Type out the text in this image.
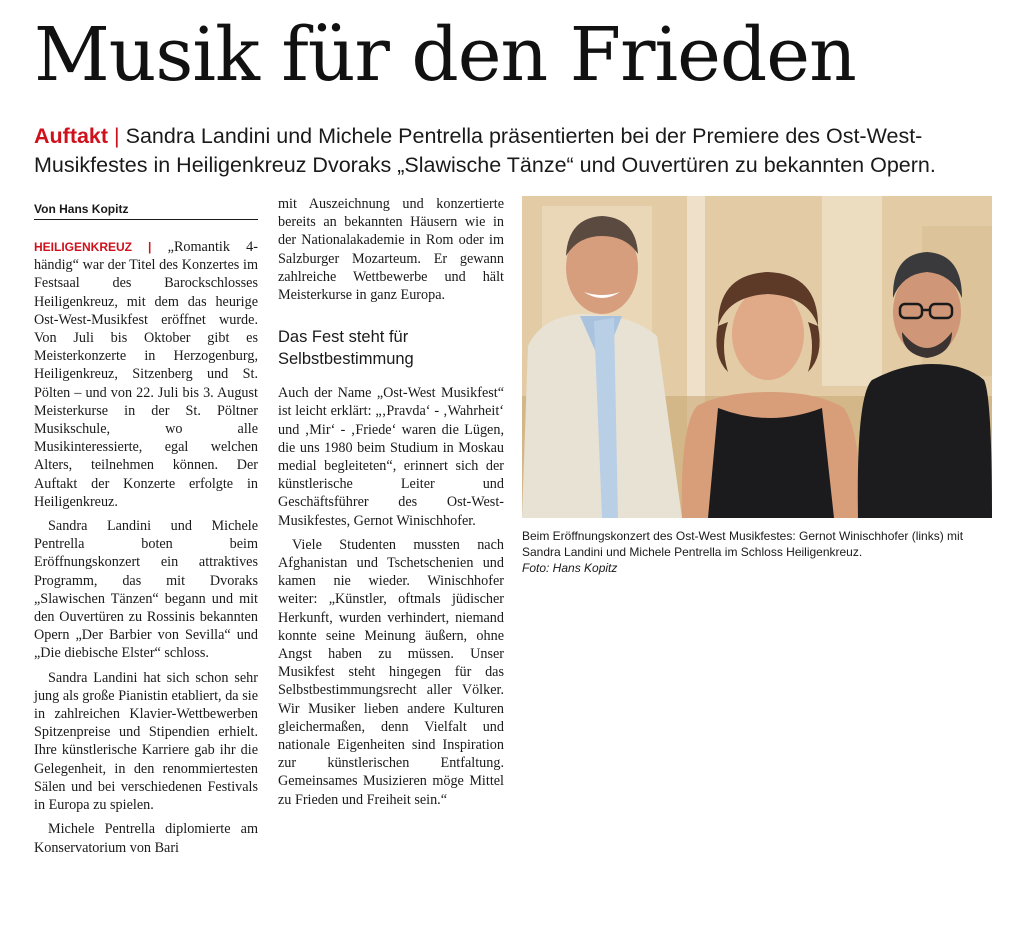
Musik für den Frieden

Auftakt | Sandra Landini und Michele Pentrella präsentierten bei der Premiere des Ost-West-Musikfestes in Heiligenkreuz Dvoraks „Slawische Tänze“ und Ouvertüren zu bekannten Opern.

Von Hans Kopitz

HEILIGENKREUZ | „Romantik 4-händig“ war der Titel des Konzertes im Festsaal des Barockschlosses Heiligenkreuz, mit dem das heurige Ost-West-Musikfest eröffnet wurde. Von Juli bis Oktober gibt es Meisterkonzerte in Herzogenburg, Heiligenkreuz, Sitzenberg und St. Pölten – und von 22. Juli bis 3. August Meisterkurse in der St. Pöltner Musikschule, wo alle Musikinteressierte, egal welchen Alters, teilnehmen können. Der Auftakt der Konzerte erfolgte in Heiligenkreuz.

Sandra Landini und Michele Pentrella boten beim Eröffnungskonzert ein attraktives Programm, das mit Dvoraks „Slawischen Tänzen“ begann und mit den Ouvertüren zu Rossinis bekannten Opern „Der Barbier von Sevilla“ und „Die diebische Elster“ schloss.

Sandra Landini hat sich schon sehr jung als große Pianistin etabliert, da sie in zahlreichen Klavier-Wettbewerben Spitzenpreise und Stipendien erhielt. Ihre künstlerische Karriere gab ihr die Gelegenheit, in den renommiertesten Sälen und bei verschiedenen Festivals in Europa zu spielen.

Michele Pentrella diplomierte am Konservatorium von Bari

mit Auszeichnung und konzertierte bereits an bekannten Häusern wie in der Nationalakademie in Rom oder im Salzburger Mozarteum. Er gewann zahlreiche Wettbewerbe und hält Meisterkurse in ganz Europa.

Das Fest steht für Selbstbestimmung

Auch der Name „Ost-West Musikfest“ ist leicht erklärt: „‚Pravda‘ - ‚Wahrheit‘ und ‚Mir‘ - ‚Friede‘ waren die Lügen, die uns 1980 beim Studium in Moskau medial begleiteten“, erinnert sich der künstlerische Leiter und Geschäftsführer des Ost-West-Musikfestes, Gernot Winischhofer.

Viele Studenten mussten nach Afghanistan und Tschetschenien und kamen nie wieder. Winischhofer weiter: „Künstler, oftmals jüdischer Herkunft, wurden verhindert, niemand konnte seine Meinung äußern, ohne Angst haben zu müssen. Unser Musikfest steht hingegen für das Selbstbestimmungsrecht aller Völker. Wir Musiker lieben andere Kulturen gleichermaßen, denn Vielfalt und nationale Eigenheiten sind Inspiration zur künstlerischen Entfaltung. Gemeinsames Musizieren möge Mittel zu Frieden und Freiheit sein.“

Beim Eröffnungskonzert des Ost-West Musikfestes: Gernot Winischhofer (links) mit Sandra Landini und Michele Pentrella im Schloss Heiligenkreuz.
Foto: Hans Kopitz
